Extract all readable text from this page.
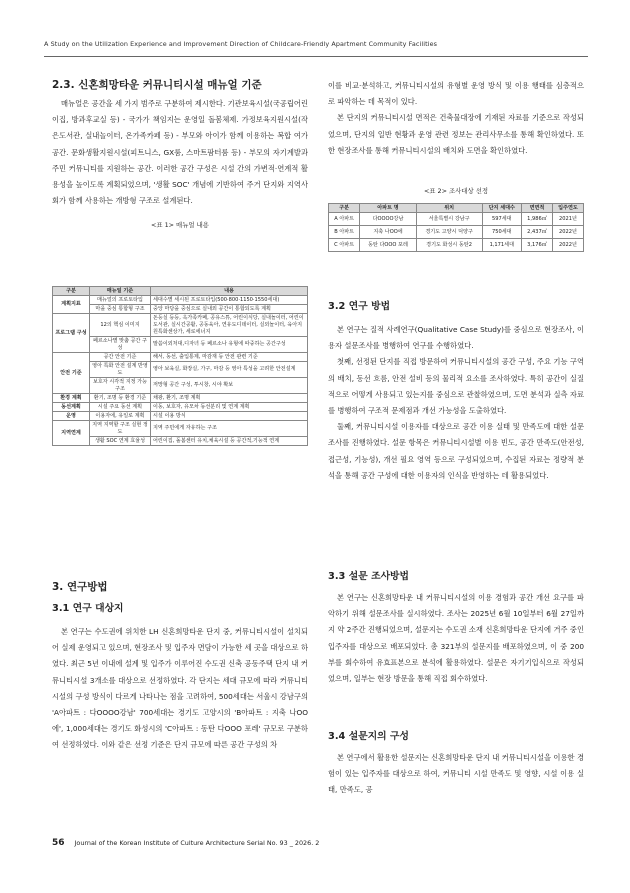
A Study on the Utilization Experience and Improvement Direction of Childcare-Friendly Apartment Community Facilities
2.3. 신혼희망타운 커뮤니티시설 매뉴얼 기준

매뉴얼은 공간을 세 가지 범주로 구분하여 제시한다. 기관보육시설(국공립어린이집, 방과후교실 등) - 국가가 책임지는 운영일 돌봄체제. 가정보육지원시설(작은도서관, 실내놀이터, 온가족카페 등) - 부모와 아이가 함께 이용하는 복합 여가공간. 문화생활지원시설(피트니스, GX룸, 스마트팜터룸 등) - 부모의 자기계발과 주민 커뮤니티를 지원하는 공간. 이러한 공간 구성은 시설 간의 가변적·연계적 활용성을 높이도록 계획되었으며, '생활 SOC' 개념에 기반하여 주거 단지와 지역사회가 함께 사용하는 개방형 구조로 설계된다.

<표 1> 매뉴얼 내용
구분	매뉴얼 기준	내용
계획지표	매뉴얼의 프로토타입	세대수별 세시된 프로토타입(500·800·1150·1550세대)
	마을 중심 통합형 구조	중앙 마당을 중심으로 실내외 공간이 통합되도록 계획
프로그램 구성	12의 핵심 이미지	돈등실 등등, 옥가족카페, 공유스튜, 어린이식당, 실내놀이터, 어린이도서관, 실시간공활, 공동육아, 연유도디데이터, 실외놀이터, 육아지원특화센상가, 세로에너지
	페르소나별 맞춤 공간 구성	말씀이외처대,디자녀 등 페르소나 유형에 따중하는 공간구성
안전 기준	공간 안전 기준	해서, 동선, 출입통제, 마감재 등 안전 관련 기준
	영아 특화 안전 설계 반영도	영아 보육실, 화장실, 가구, 마감 등 영아 특성을 고려한 안전설계
	보호자 시각적 지정 가능 구조	저망형 공간 구성, 투시창, 시야 확보
환경 계획	환기, 조명 등 환경 기준	채광, 환기, 조명 계획
동선계획	시설 주요 동선 계획	이동, 보호자, 유모차 동선분리 및 연계 계획
운영	이용자에, 유일로 계획	시설 이용 방식
지역연계	지역 지역할 구조 실현 정도	지역 주민에게 자유하는 구조
	생활 SOC 연계 효율성	어린이집, 돌봄센터 유치,체육시설 등 공간적,기능적 연계
3. 연구방법
3.1 연구 대상지

본 연구는 수도권에 위치한 LH 신혼희망타운 단지 중, 커뮤니티시설이 설치되어 실제 운영되고 있으며, 현장조사 및 입주자 면담이 가능한 세 곳을 대상으로 하였다. 최근 5년 이내에 설계 및 입주가 이루어진 수도권 신축 공동주택 단지 내 커뮤니티시설 3개소를 대상으로 선정하였다. 각 단지는 세대 규모에 따라 커뮤니티시설의 구성 방식이 다르게 나타나는 점을 고려하여, 500세대는 서울시 강남구의 'A아파트 : 다OOOO강남' 700세대는 경기도 고양시의 'B아파트 : 지축 나OO에', 1,000세대는 경기도 화성시의 'C아파트 : 동탄 다OOO 포레' 규모로 구분하여 선정하였다. 이와 같은 선정 기준은 단지 규모에 따른 공간 구성의 차

이를 비교·분석하고, 커뮤니티시설의 유형별 운영 방식 및 이용 행태를 심층적으로 파악하는 데 목적이 있다.

본 단지의 커뮤니티시설 면적은 건축물대장에 기재된 자료를 기준으로 작성되었으며, 단지의 일반 현황과 운영 관련 정보는 관리사무소를 통해 확인하였다. 또한 현장조사를 통해 커뮤니티시설의 배치와 도면을 확인하였다.

<표 2> 조사대상 선정
구분	아파트 명	위치	단지 세대수	면면적	입주연도
A 아파트	다OOOO강남	서울특별시 강남구	597세대	1,986㎡	2021년
B 아파트	지축 나OO에	경기도 고양시 덕양구	750세대	2,437㎡	2022년
C 아파트	동탄 다OOO 포레	경기도 화성시 동탄2	1,171세대	3,176㎡	2022년
3.2 연구 방법

본 연구는 질적 사례연구(Qualitative Case Study)를 중심으로 현장조사, 이용자 설문조사를 병행하여 연구를 수행하였다.

첫째, 선정된 단지를 직접 방문하여 커뮤니티시설의 공간 구성, 주요 기능 구역의 배치, 동선 흐름, 안전 설비 등의 물리적 요소를 조사하였다. 특히 공간이 실질적으로 어떻게 사용되고 있는지를 중심으로 관찰하였으며, 도면 분석과 실측 자료를 병행하여 구조적 문제점과 개선 가능성을 도출하였다.

둘째, 커뮤니티시설 이용자를 대상으로 공간 이용 실태 및 만족도에 대한 설문조사를 진행하였다. 설문 항목은 커뮤니티시설별 이용 빈도, 공간 만족도(안전성, 접근성, 기능성), 개선 필요 영역 등으로 구성되었으며, 수집된 자료는 정량적 분석을 통해 공간 구성에 대한 이용자의 인식을 반영하는 데 활용되었다.

3.3 설문 조사방법

본 연구는 신혼희망타운 내 커뮤니티시설의 이용 경험과 공간 개선 요구를 파악하기 위해 설문조사를 실시하였다. 조사는 2025년 6월 10일부터 6월 27일까지 약 2주간 진행되었으며, 설문지는 수도권 소재 신혼희망타운 단지에 거주 중인 입주자를 대상으로 배포되었다. 총 321부의 설문지를 배포하였으며, 이 중 200부를 회수하여 유효표본으로 분석에 활용하였다. 설문은 자기기입식으로 작성되었으며, 일부는 현장 방문을 통해 직접 회수하였다.

3.4 설문지의 구성

본 연구에서 활용한 설문지는 신혼희망타운 단지 내 커뮤니티시설을 이용한 경험이 있는 입주자를 대상으로 하여, 커뮤니티 시설 만족도 및 영향, 시설 이용 실태, 만족도, 공

56 Journal of the Korean Institute of Culture Architecture Serial No. 93 _ 2026. 2
